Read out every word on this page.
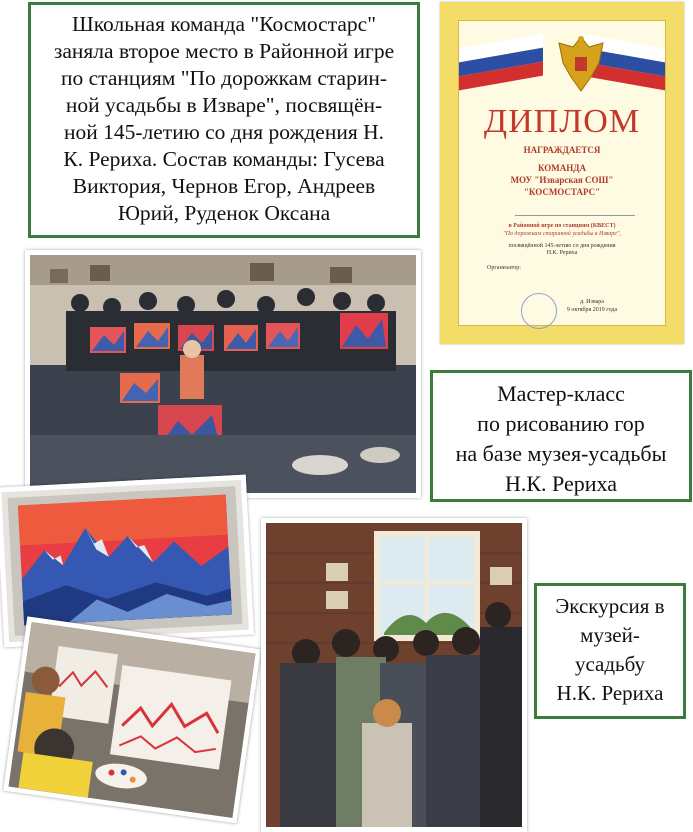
Школьная команда "Космостарс"

заняла второе место в Районной игре

по станциям "По дорожкам старин-

ной усадьбы в Изваре", посвящён-

ной 145-летию со дня рождения Н.

К. Рериха. Состав команды: Гусева

Виктория, Чернов Егор, Андреев

Юрий, Руденок Оксана

ДИПЛОМ
НАГРАЖДАЕТСЯ
КОМАНДА
МОУ "Изварская СОШ"
"КОСМОСТАРС"
в Районной игре по станциям (КВЕСТ)
"По дорожкам старинной усадьбы в Изваре",
посвящённой 145-летию со дня рождения
Н.К. Рериха
Организатор:
д. Извара
9 октября 2019 года

Мастер-класс

по рисованию гор

на базе музея-усадьбы

Н.К. Рериха

Экскурсия в

музей-

усадьбу

Н.К. Рериха
